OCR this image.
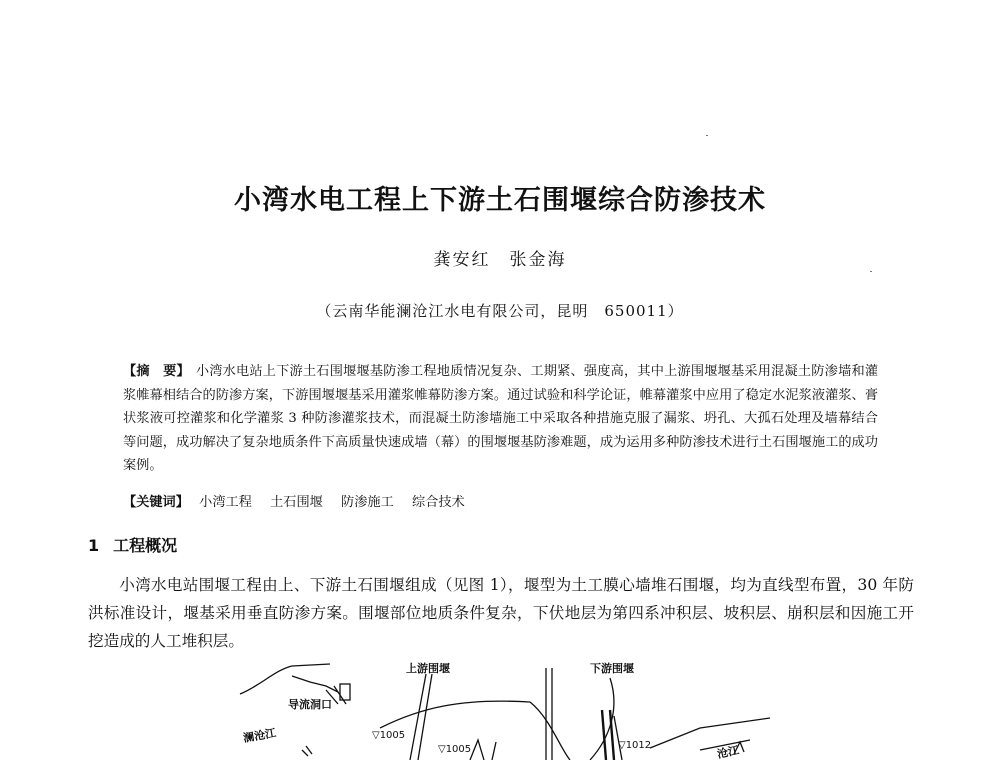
小湾水电工程上下游土石围堰综合防渗技术
龚安红　张金海
（云南华能澜沧江水电有限公司，昆明　650011）
【摘　要】 小湾水电站上下游土石围堰堰基防渗工程地质情况复杂、工期紧、强度高，其中上游围堰堰基采用混凝土防渗墙和灌浆帷幕相结合的防渗方案，下游围堰堰基采用灌浆帷幕防渗方案。通过试验和科学论证，帷幕灌浆中应用了稳定水泥浆液灌浆、膏状浆液可控灌浆和化学灌浆 3 种防渗灌浆技术，而混凝土防渗墙施工中采取各种措施克服了漏浆、坍孔、大孤石处理及墙幕结合等问题，成功解决了复杂地质条件下高质量快速成墙（幕）的围堰堰基防渗难题，成为运用多种防渗技术进行土石围堰施工的成功案例。
【关键词】 小湾工程 土石围堰 防渗施工 综合技术
1 工程概况
小湾水电站围堰工程由上、下游土石围堰组成（见图 1），堰型为土工膜心墙堆石围堰，均为直线型布置，30 年防洪标准设计，堰基采用垂直防渗方案。围堰部位地质条件复杂，下伏地层为第四系冲积层、坡积层、崩积层和因施工开挖造成的人工堆积层。
上游围堰	下游围堰
导流洞口
澜沧江
沧江
▽1005
▽1005	▽1012
